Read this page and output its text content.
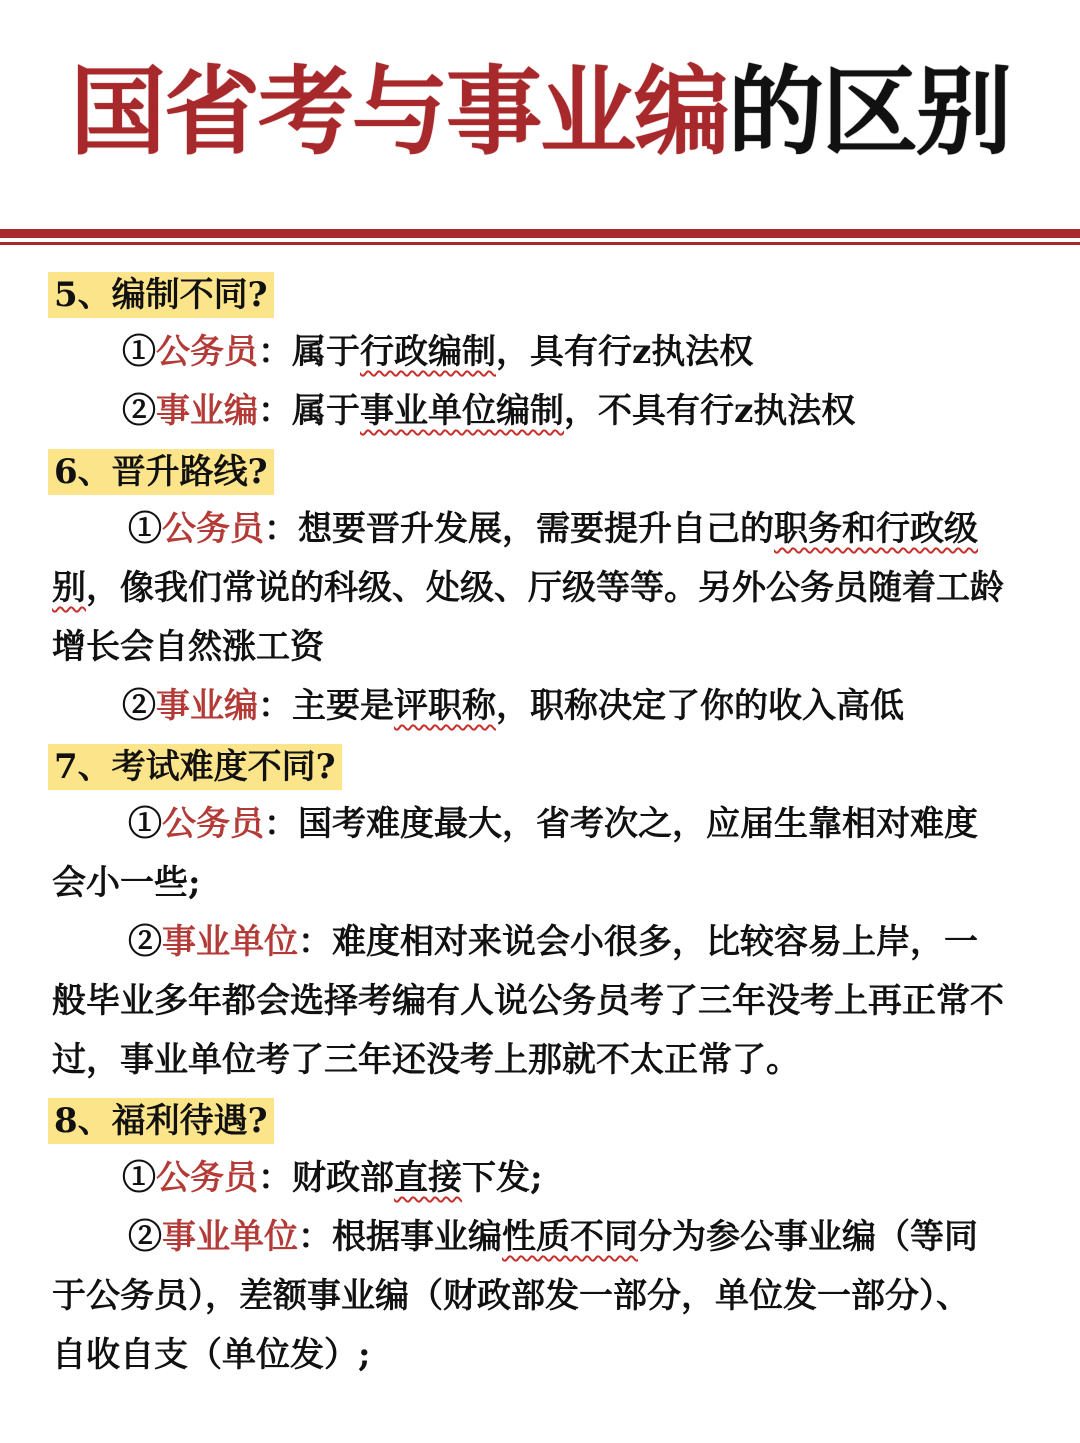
国省考与事业编的区别
5、编制不同?
①公务员：属于行政编制，具有行z执法权
②事业编：属于事业单位编制，不具有行z执法权
6、晋升路线?
①公务员：想要晋升发展，需要提升自己的职务和行政级
别，像我们常说的科级、处级、厅级等等。另外公务员随着工龄
增长会自然涨工资
②事业编：主要是评职称，职称决定了你的收入高低
7、考试难度不同?
①公务员：国考难度最大，省考次之，应届生靠相对难度
会小一些;
②事业单位：难度相对来说会小很多，比较容易上岸，一
般毕业多年都会选择考编有人说公务员考了三年没考上再正常不
过，事业单位考了三年还没考上那就不太正常了。
8、福利待遇?
①公务员：财政部直接下发;
②事业单位：根据事业编性质不同分为参公事业编（等同
于公务员），差额事业编（财政部发一部分，单位发一部分）、
自收自支（单位发）;
